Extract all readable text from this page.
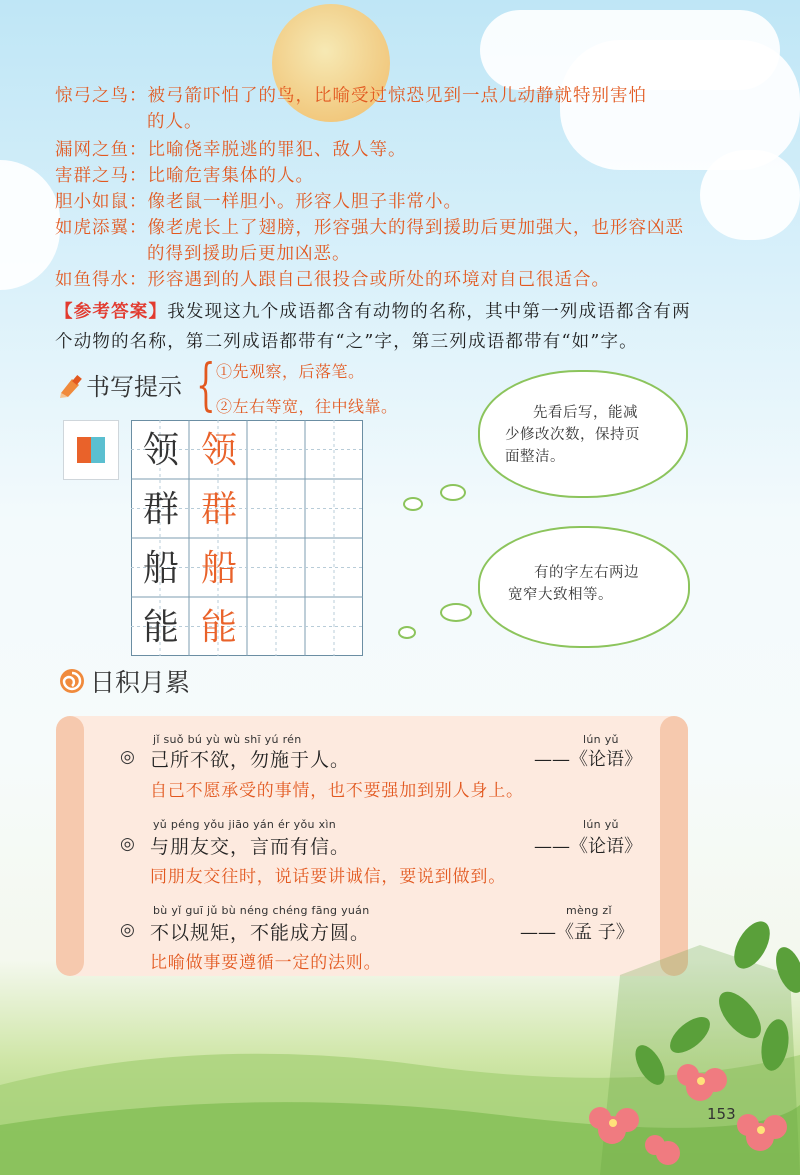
惊弓之鸟：被弓箭吓怕了的鸟，比喻受过惊恐见到一点儿动静就特别害怕
的人。
漏网之鱼：比喻侥幸脱逃的罪犯、敌人等。
害群之马：比喻危害集体的人。
胆小如鼠：像老鼠一样胆小。形容人胆子非常小。
如虎添翼：像老虎长上了翅膀，形容强大的得到援助后更加强大，也形容凶恶
的得到援助后更加凶恶。
如鱼得水：形容遇到的人跟自己很投合或所处的环境对自己很适合。
【参考答案】我发现这九个成语都含有动物的名称，其中第一列成语都含有两
个动物的名称，第二列成语都带有“之”字，第三列成语都带有“如”字。
书写提示 { ①先观察，后落笔。
②左右等宽，往中线靠。
领 领
群 群
船 船
能 能
先看后写，能减
少修改次数，保持页
面整洁。
有的字左右两边
宽窄大致相等。
日积月累
jǐ suǒ bú yù wù shī yú rén	lún yǔ
◎ 己所不欲，勿施于人。	——《论语》
自己不愿承受的事情，也不要强加到别人身上。
yǔ péng yǒu jiāo yán ér yǒu xìn	lún yǔ
◎ 与朋友交，言而有信。	——《论语》
同朋友交往时，说话要讲诚信，要说到做到。
bù yǐ guī jǔ bù néng chéng fāng yuán	mèng zǐ
◎ 不以规矩，不能成方圆。	——《孟 子》
比喻做事要遵循一定的法则。
153
